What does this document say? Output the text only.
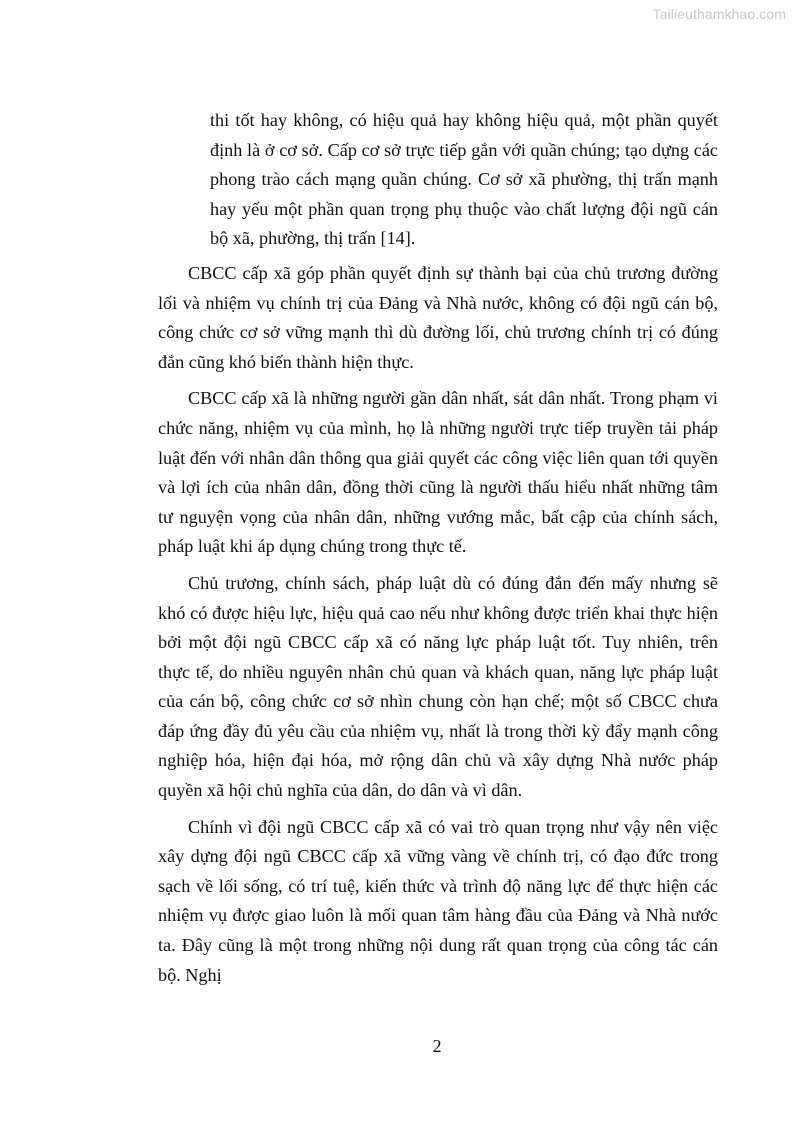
Tailieuthamkhao.com

thi tốt hay không, có hiệu quả hay không hiệu quả, một phần quyết định là ở cơ sở. Cấp cơ sở trực tiếp gắn với quần chúng; tạo dựng các phong trào cách mạng quần chúng. Cơ sở xã phường, thị trấn mạnh hay yếu một phần quan trọng phụ thuộc vào chất lượng đội ngũ cán bộ xã, phường, thị trấn [14].

CBCC cấp xã góp phần quyết định sự thành bại của chủ trương đường lối và nhiệm vụ chính trị của Đảng và Nhà nước, không có đội ngũ cán bộ, công chức cơ sở vững mạnh thì dù đường lối, chủ trương chính trị có đúng đắn cũng khó biến thành hiện thực.

CBCC cấp xã là những người gần dân nhất, sát dân nhất. Trong phạm vi chức năng, nhiệm vụ của mình, họ là những người trực tiếp truyền tải pháp luật đến với nhân dân thông qua giải quyết các công việc liên quan tới quyền và lợi ích của nhân dân, đồng thời cũng là người thấu hiểu nhất những tâm tư nguyện vọng của nhân dân, những vướng mắc, bất cập của chính sách, pháp luật khi áp dụng chúng trong thực tế.

Chủ trương, chính sách, pháp luật dù có đúng đắn đến mấy nhưng sẽ khó có được hiệu lực, hiệu quả cao nếu như không được triển khai thực hiện bởi một đội ngũ CBCC cấp xã có năng lực pháp luật tốt. Tuy nhiên, trên thực tế, do nhiều nguyên nhân chủ quan và khách quan, năng lực pháp luật của cán bộ, công chức cơ sở nhìn chung còn hạn chế; một số CBCC chưa đáp ứng đầy đủ yêu cầu của nhiệm vụ, nhất là trong thời kỳ đẩy mạnh công nghiệp hóa, hiện đại hóa, mở rộng dân chủ và xây dựng Nhà nước pháp quyền xã hội chủ nghĩa của dân, do dân và vì dân.

Chính vì đội ngũ CBCC cấp xã có vai trò quan trọng như vậy nên việc xây dựng đội ngũ CBCC cấp xã vững vàng về chính trị, có đạo đức trong sạch về lối sống, có trí tuệ, kiến thức và trình độ năng lực để thực hiện các nhiệm vụ được giao luôn là mối quan tâm hàng đầu của Đảng và Nhà nước ta. Đây cũng là một trong những nội dung rất quan trọng của công tác cán bộ. Nghị

2
